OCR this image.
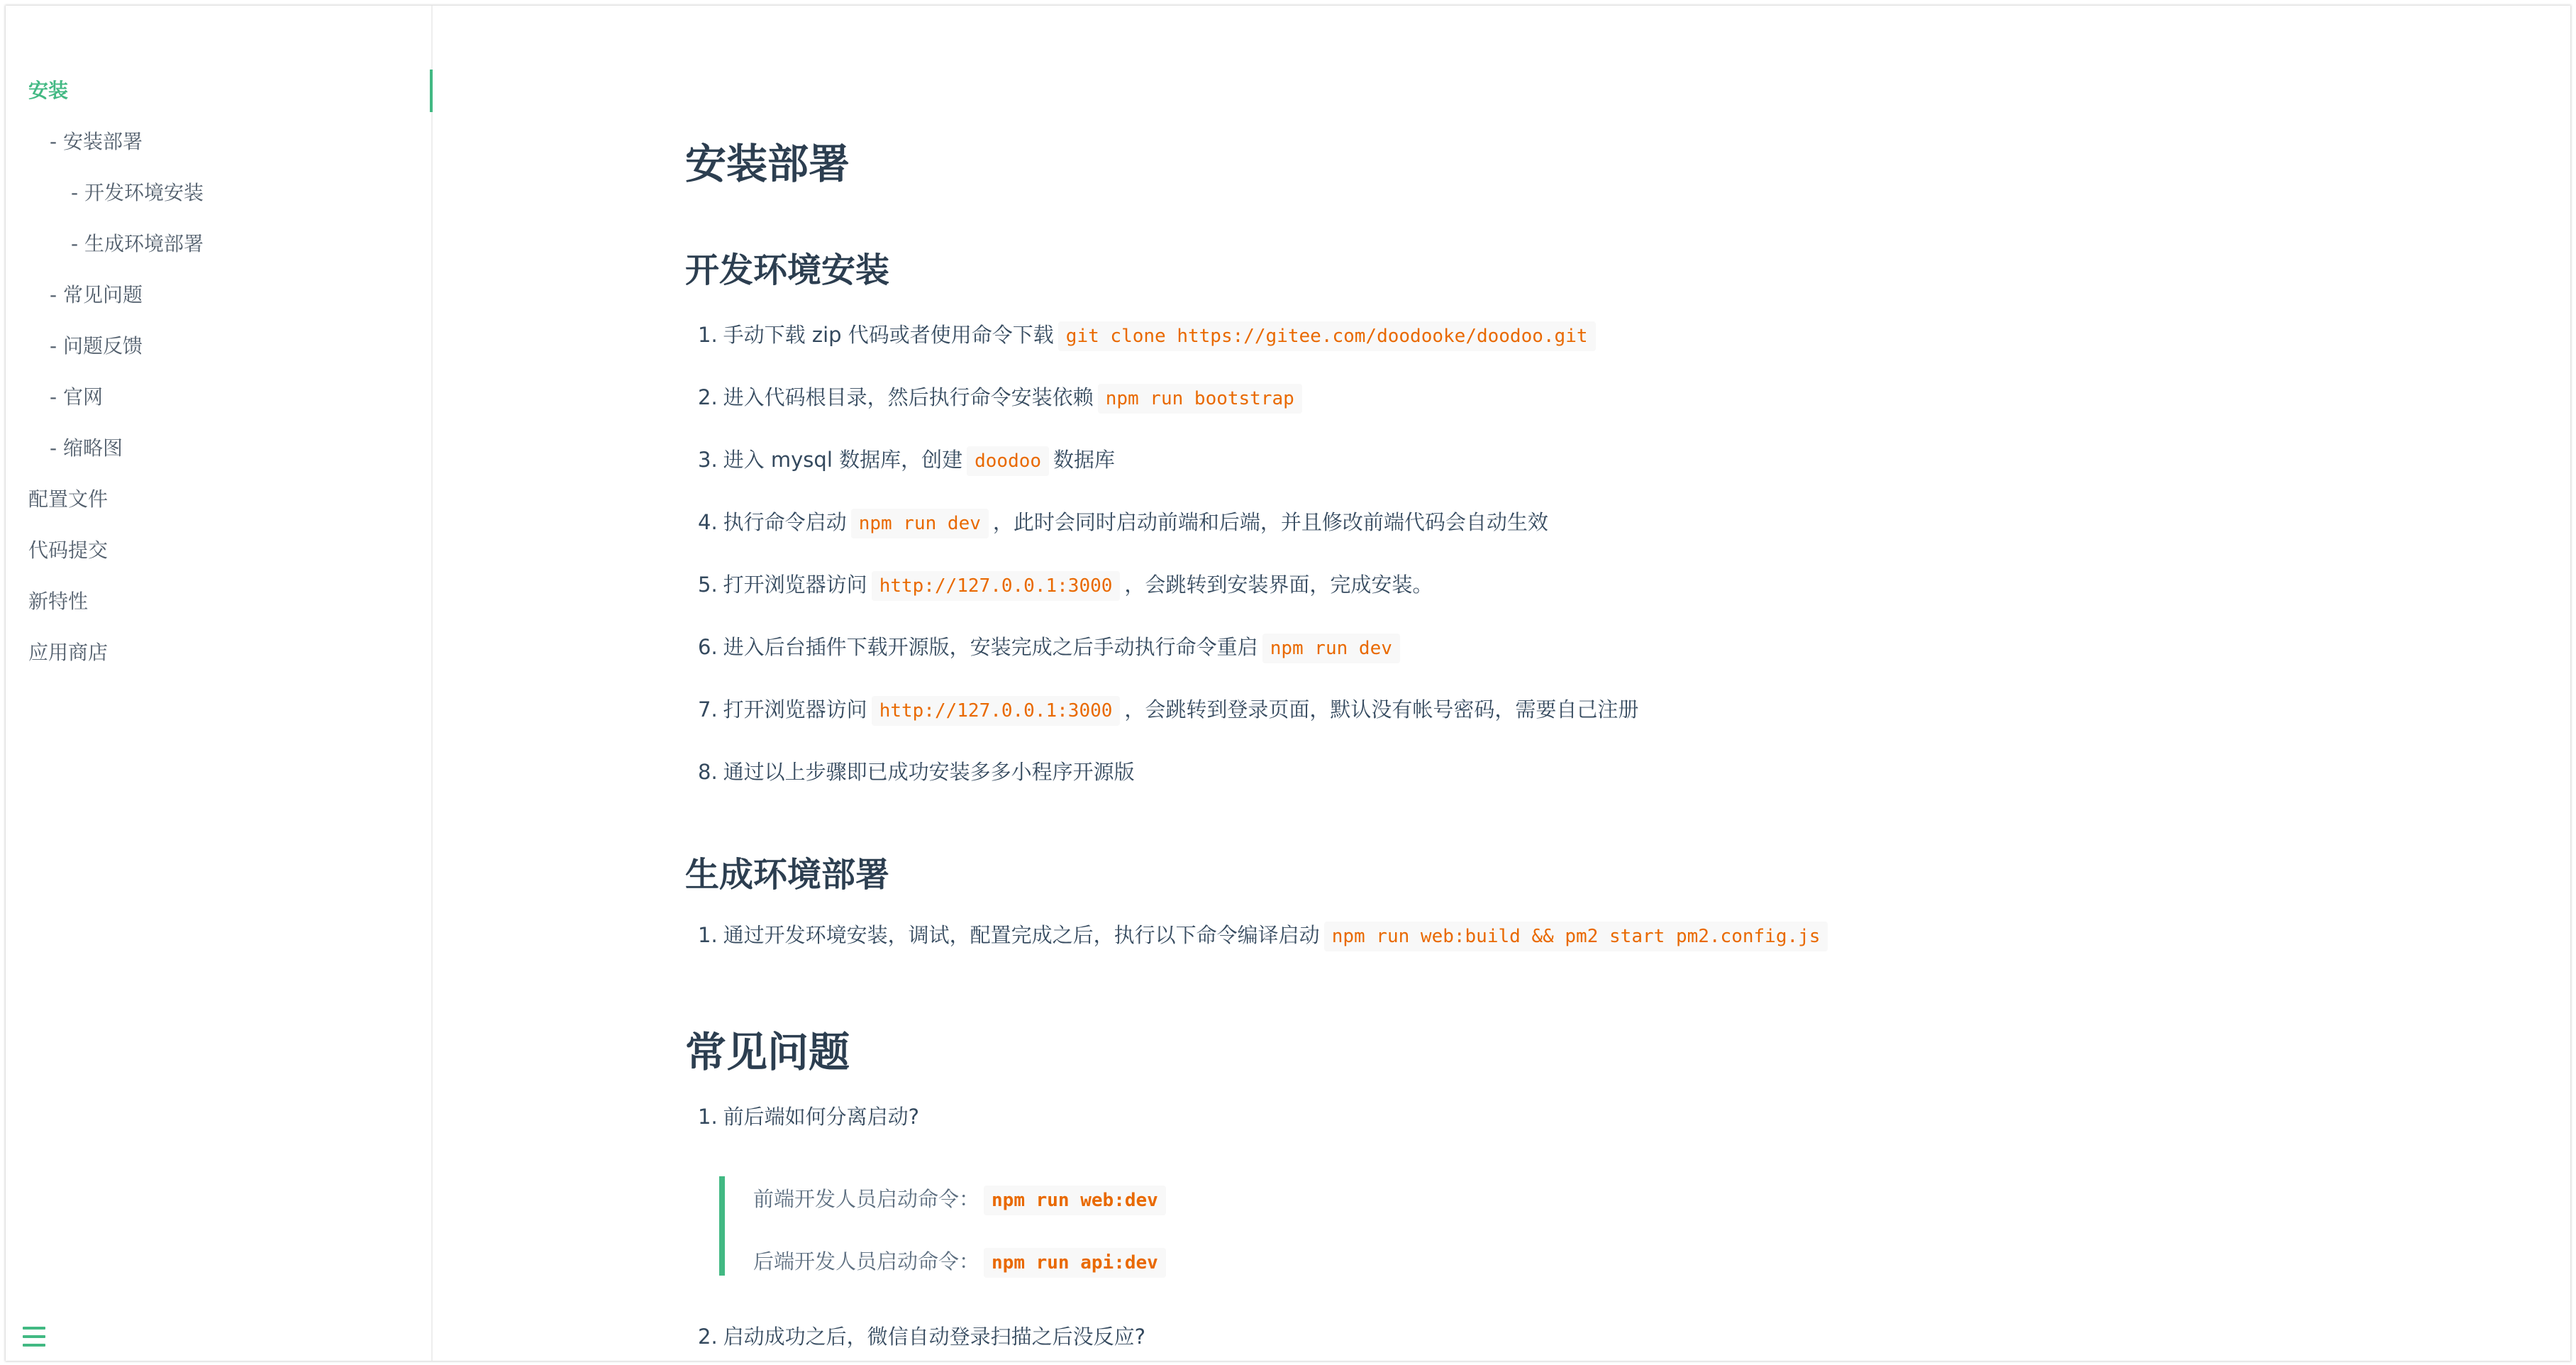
安装
- 安装部署
- 开发环境安装
- 生成环境部署
- 常见问题
- 问题反馈
- 官网
- 缩略图
配置文件
代码提交
新特性
应用商店
安装部署
开发环境安装
1. 手动下载 zip 代码或者使用命令下载 git clone https://gitee.com/doodooke/doodoo.git
2. 进入代码根目录，然后执行命令安装依赖 npm run bootstrap
3. 进入 mysql 数据库，创建 doodoo 数据库
4. 执行命令启动 npm run dev ，此时会同时启动前端和后端，并且修改前端代码会自动生效
5. 打开浏览器访问 http://127.0.0.1:3000 ，会跳转到安装界面，完成安装。
6. 进入后台插件下载开源版，安装完成之后手动执行命令重启 npm run dev
7. 打开浏览器访问 http://127.0.0.1:3000 ，会跳转到登录页面，默认没有帐号密码，需要自己注册
8. 通过以上步骤即已成功安装多多小程序开源版
生成环境部署
1. 通过开发环境安装，调试，配置完成之后，执行以下命令编译启动 npm run web:build && pm2 start pm2.config.js
常见问题
1. 前后端如何分离启动?
前端开发人员启动命令： npm run web:dev
后端开发人员启动命令： npm run api:dev
2. 启动成功之后，微信自动登录扫描之后没反应?
